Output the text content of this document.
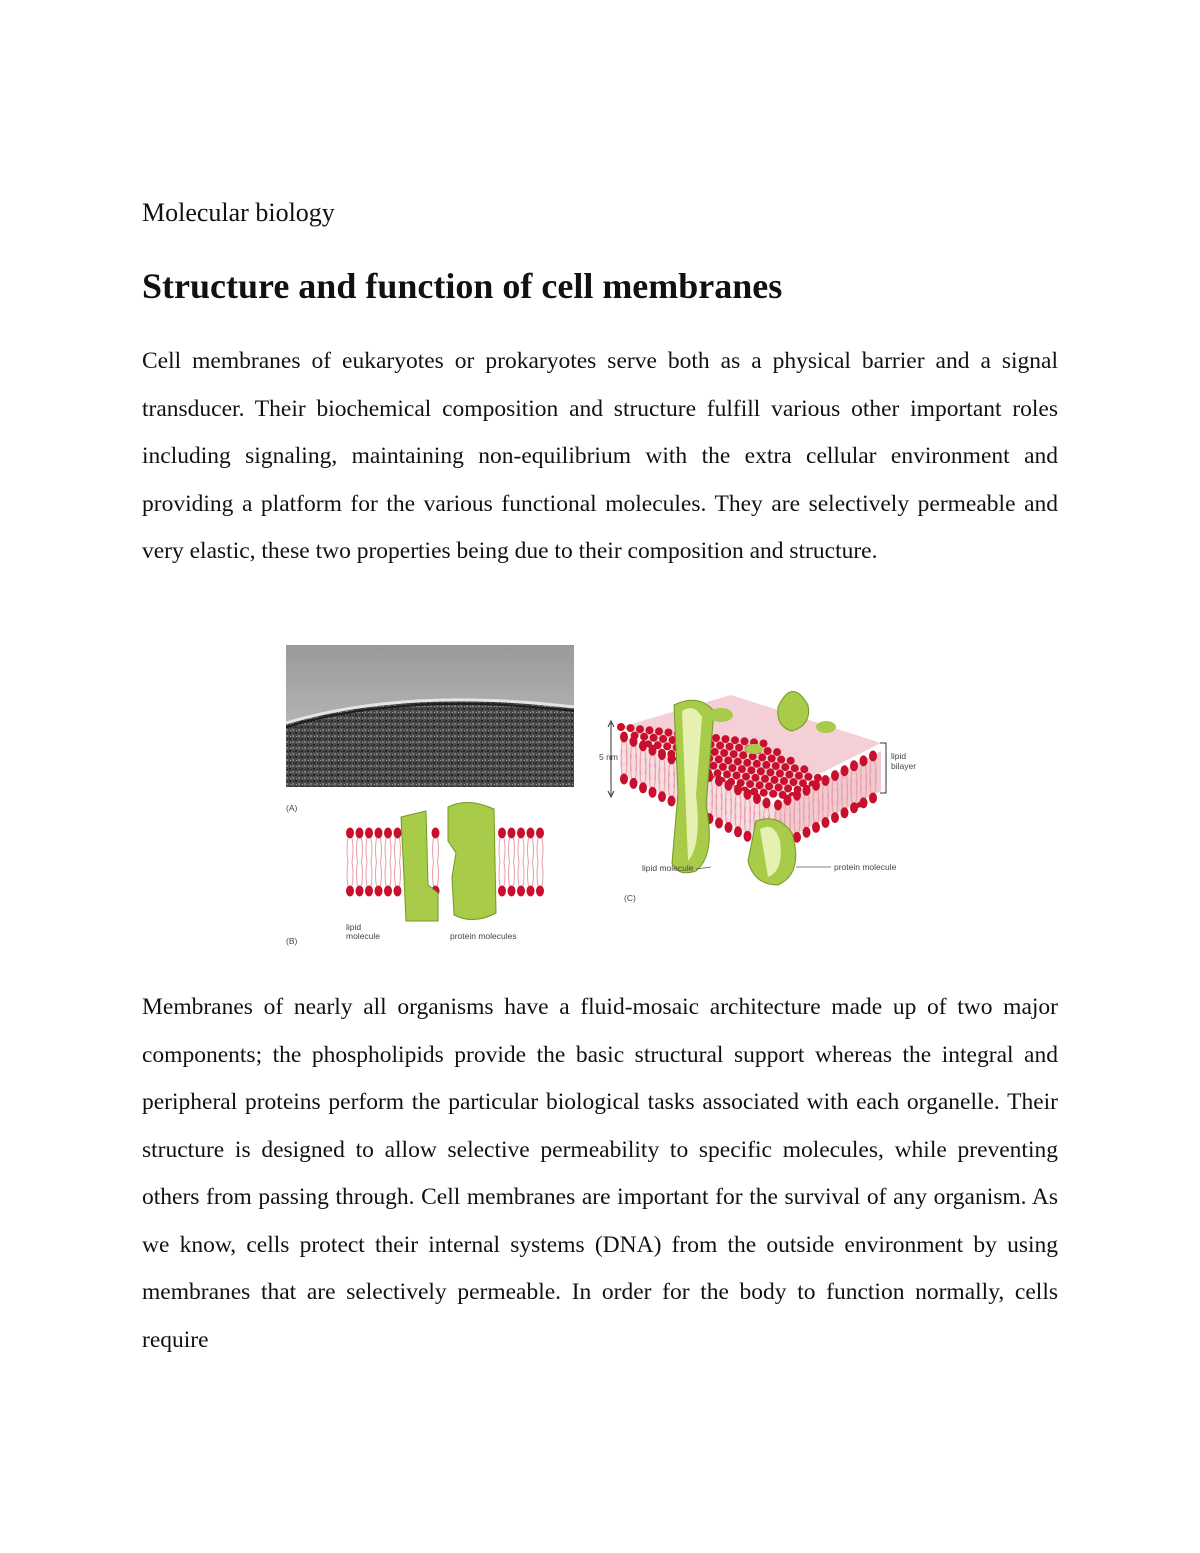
Molecular biology

Structure and function of cell membranes

Cell membranes of eukaryotes or prokaryotes serve both as a physical barrier and a signal transducer. Their biochemical composition and structure fulfill various other important roles including signaling, maintaining non-equilibrium with the extra cellular environment and providing a platform for the various functional molecules. They are selectively permeable and very elastic, these two properties being due to their composition and structure.

Membranes of nearly all organisms have a fluid-mosaic architecture made up of two major components; the phospholipids provide the basic structural support whereas the integral and peripheral proteins perform the particular biological tasks associated with each organelle. Their structure is designed to allow selective permeability to specific molecules, while preventing others from passing through. Cell membranes are important for the survival of any organism. As we know, cells protect their internal systems (DNA) from the outside environment by using membranes that are selectively permeable. In order for the body to function normally, cells require

(A)
(B)
lipid
molecule	protein molecules
5 nm	lipid
bilayer
lipid molecule	protein molecule
(C)
